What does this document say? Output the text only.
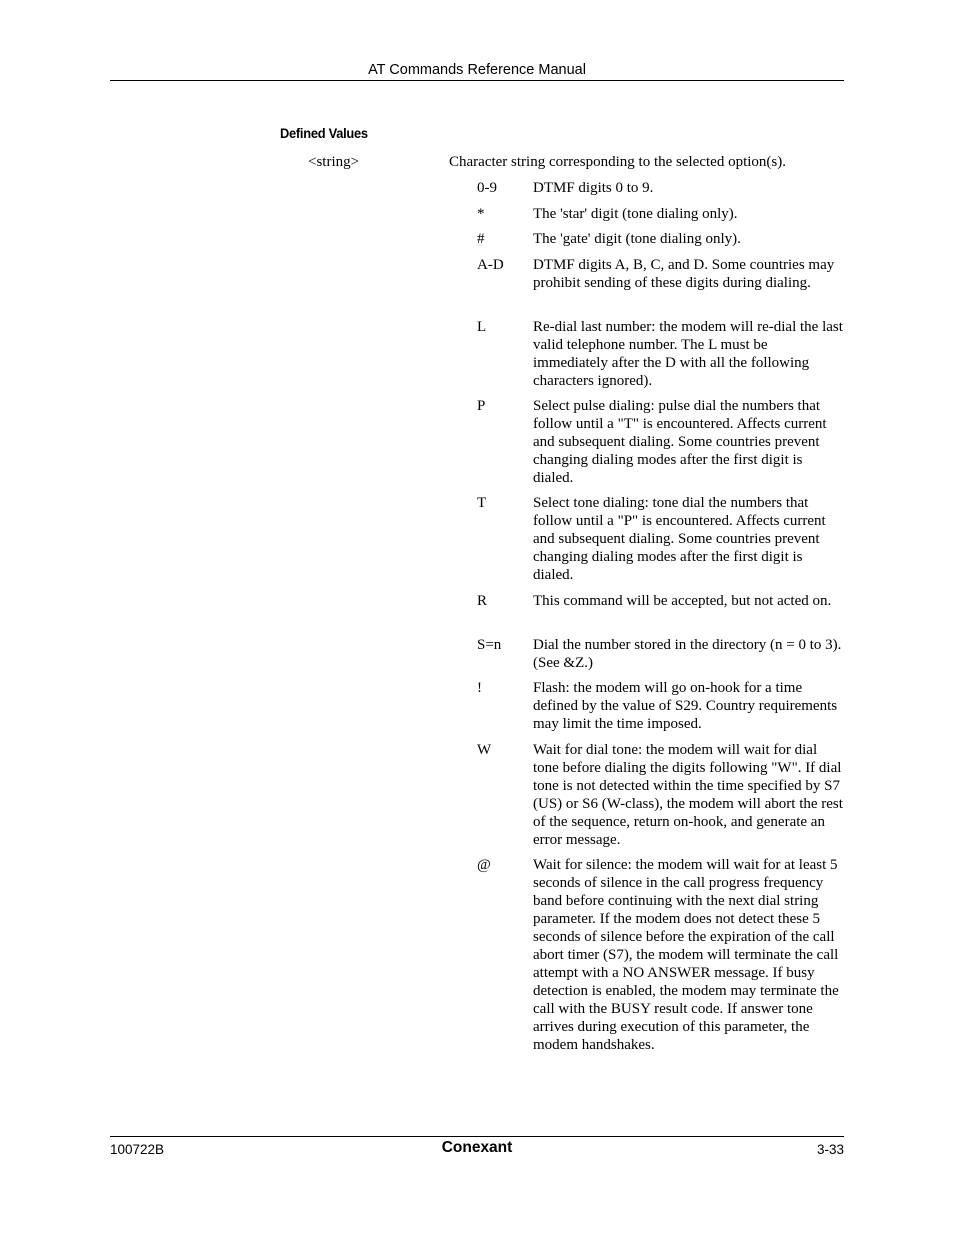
AT Commands Reference Manual
Defined Values
<string>	Character string corresponding to the selected option(s).
0-9	DTMF digits 0 to 9.
*	The 'star' digit (tone dialing only).
#	The 'gate' digit (tone dialing only).
A-D	DTMF digits A, B, C, and D. Some countries may prohibit sending of these digits during dialing.
L	Re-dial last number: the modem will re-dial the last valid telephone number. The L must be immediately after the D with all the following characters ignored).
P	Select pulse dialing: pulse dial the numbers that follow until a "T" is encountered. Affects current and subsequent dialing. Some countries prevent changing dialing modes after the first digit is dialed.
T	Select tone dialing: tone dial the numbers that follow until a "P" is encountered. Affects current and subsequent dialing. Some countries prevent changing dialing modes after the first digit is dialed.
R	This command will be accepted, but not acted on.
S=n	Dial the number stored in the directory (n = 0 to 3). (See &Z.)
!	Flash: the modem will go on-hook for a time defined by the value of S29. Country requirements may limit the time imposed.
W	Wait for dial tone: the modem will wait for dial tone before dialing the digits following "W". If dial tone is not detected within the time specified by S7 (US) or S6 (W-class), the modem will abort the rest of the sequence, return on-hook, and generate an error message.
@	Wait for silence: the modem will wait for at least 5 seconds of silence in the call progress frequency band before continuing with the next dial string parameter. If the modem does not detect these 5 seconds of silence before the expiration of the call abort timer (S7), the modem will terminate the call attempt with a NO ANSWER message. If busy detection is enabled, the modem may terminate the call with the BUSY result code. If answer tone arrives during execution of this parameter, the modem handshakes.
100722B	Conexant	3-33
